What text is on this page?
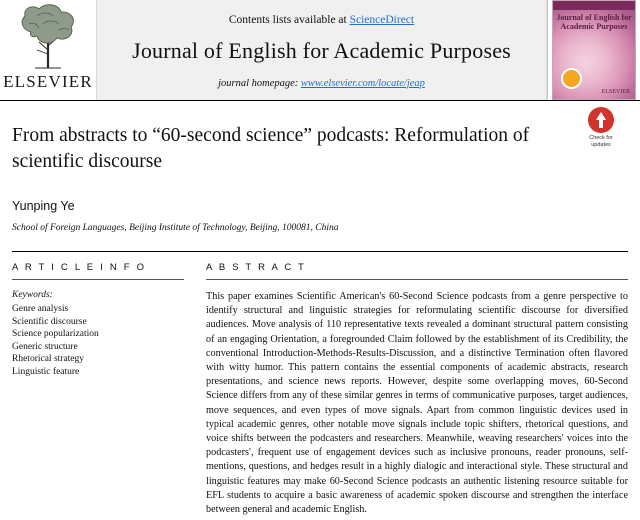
ELSEVIER
Contents lists available at ScienceDirect
Journal of English for Academic Purposes
journal homepage: www.elsevier.com/locate/jeap
Journal of English for Academic Purposes
ELSEVIER
Check for
updates
From abstracts to “60-second science” podcasts: Reformulation of scientific discourse
Yunping Ye
School of Foreign Languages, Beijing Institute of Technology, Beijing, 100081, China
A R T I C L E I N F O
Keywords:
Genre analysis
Scientific discourse
Science popularization
Generic structure
Rhetorical strategy
Linguistic feature
A B S T R A C T
This paper examines Scientific American's 60-Second Science podcasts from a genre perspective to identify structural and linguistic strategies for reformulating scientific discourse for diversified audiences. Move analysis of 110 representative texts revealed a dominant structural pattern consisting of an engaging Orientation, a foregrounded Claim followed by the establishment of its Credibility, the conventional Introduction-Methods-Results-Discussion, and a distinctive Termination often flavored with witty humor. This pattern contains the essential components of academic abstracts, research presentations, and science news reports. However, despite some overlapping moves, 60-Second Science differs from any of these similar genres in terms of communicative purposes, target audiences, move sequences, and even types of move signals. Apart from common linguistic devices used in typical academic genres, other notable move signals include topic shifters, rhetorical questions, and voice shifts between the podcasters and researchers. Meanwhile, weaving researchers' voices into the podcasters', frequent use of engagement devices such as inclusive pronouns, reader pronouns, self-mentions, questions, and hedges result in a highly dialogic and interactional style. These structural and linguistic features may make 60-Second Science podcasts an authentic listening resource suitable for EFL students to acquire a basic awareness of academic spoken discourse and strengthen the interface between general and academic English.
